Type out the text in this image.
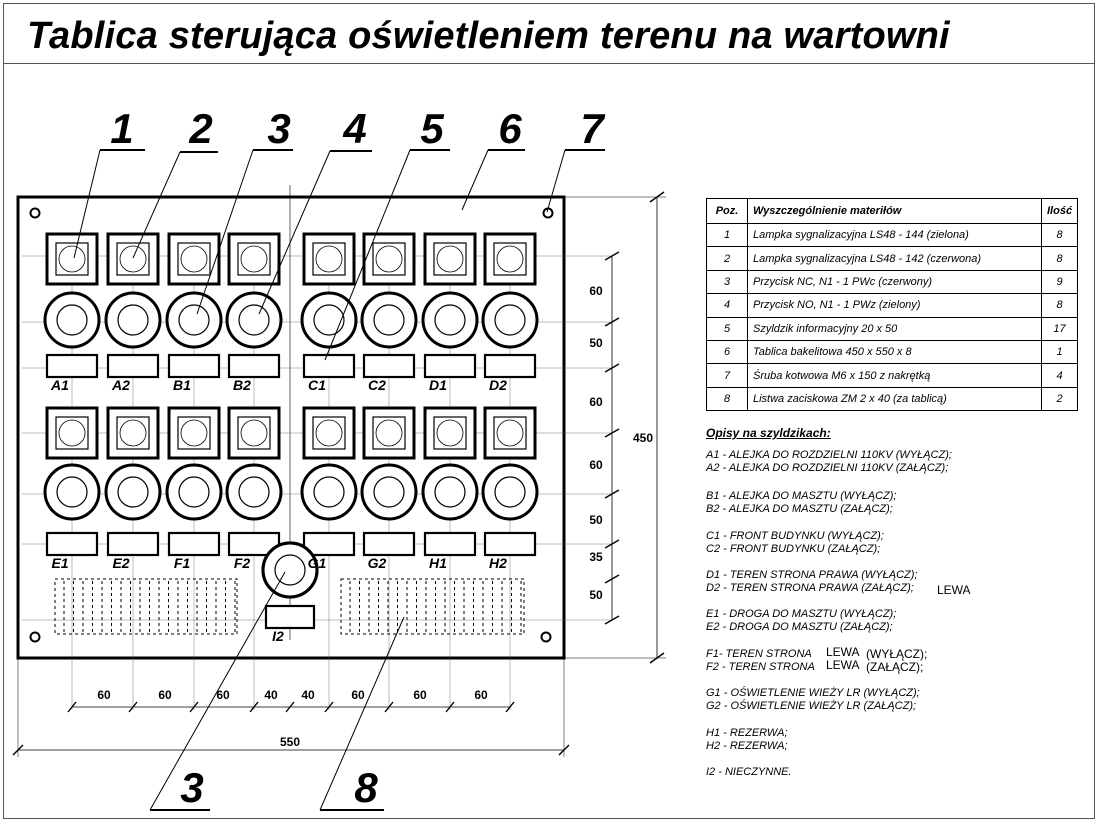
Tablica sterująca oświetleniem terenu na wartowni
A1
E1
A2
E2
B1
F1
B2
F2
C1
G1
C2
G2
D1
H1
D2
H2
I2
60
50
60
60
50
35
50
450
60	60	60	40 40	60	60	60
550
1 2 3 4 5 6 7
3	8
Poz.	Wyszczególnienie materiłów	Ilość
1	Lampka sygnalizacyjna LS48 - 144 (zielona)	8
2	Lampka sygnalizacyjna LS48 - 142 (czerwona)	8
3	Przycisk NC, N1 - 1 PWc (czerwony)	9
4	Przycisk NO, N1 - 1 PWz (zielony)	8
5	Szyldzik informacyjny 20 x 50	17
6	Tablica bakelitowa 450 x 550 x 8	1
7	Śruba kotwowa M6 x 150 z nakrętką	4
8	Listwa zaciskowa ZM 2 x 40 (za tablicą)	2
Opisy na szyldzikach:
A1 - ALEJKA DO ROZDZIELNI 110KV (WYŁĄCZ);
A2 - ALEJKA DO ROZDZIELNI 110KV (ZAŁĄCZ);
B1 - ALEJKA DO MASZTU (WYŁĄCZ);
B2 - ALEJKA DO MASZTU (ZAŁĄCZ);
C1 - FRONT BUDYNKU (WYŁĄCZ);
C2 - FRONT BUDYNKU (ZAŁĄCZ);
D1 - TEREN STRONA PRAWA (WYŁĄCZ);
D2 - TEREN STRONA PRAWA (ZAŁĄCZ);
E1 - DROGA DO MASZTU (WYŁĄCZ);
E2 - DROGA DO MASZTU (ZAŁĄCZ);
F1- TEREN STRONA
F2 - TEREN STRONA
G1 - OŚWIETLENIE WIEŻY LR (WYŁĄCZ);
G2 - OŚWIETLENIE WIEŻY LR (ZAŁĄCZ);
H1 - REZERWA;
H2 - REZERWA;
I2 - NIECZYNNE.
LEWA
LEWA (WYŁĄCZ);
LEWA (ZAŁĄCZ);
